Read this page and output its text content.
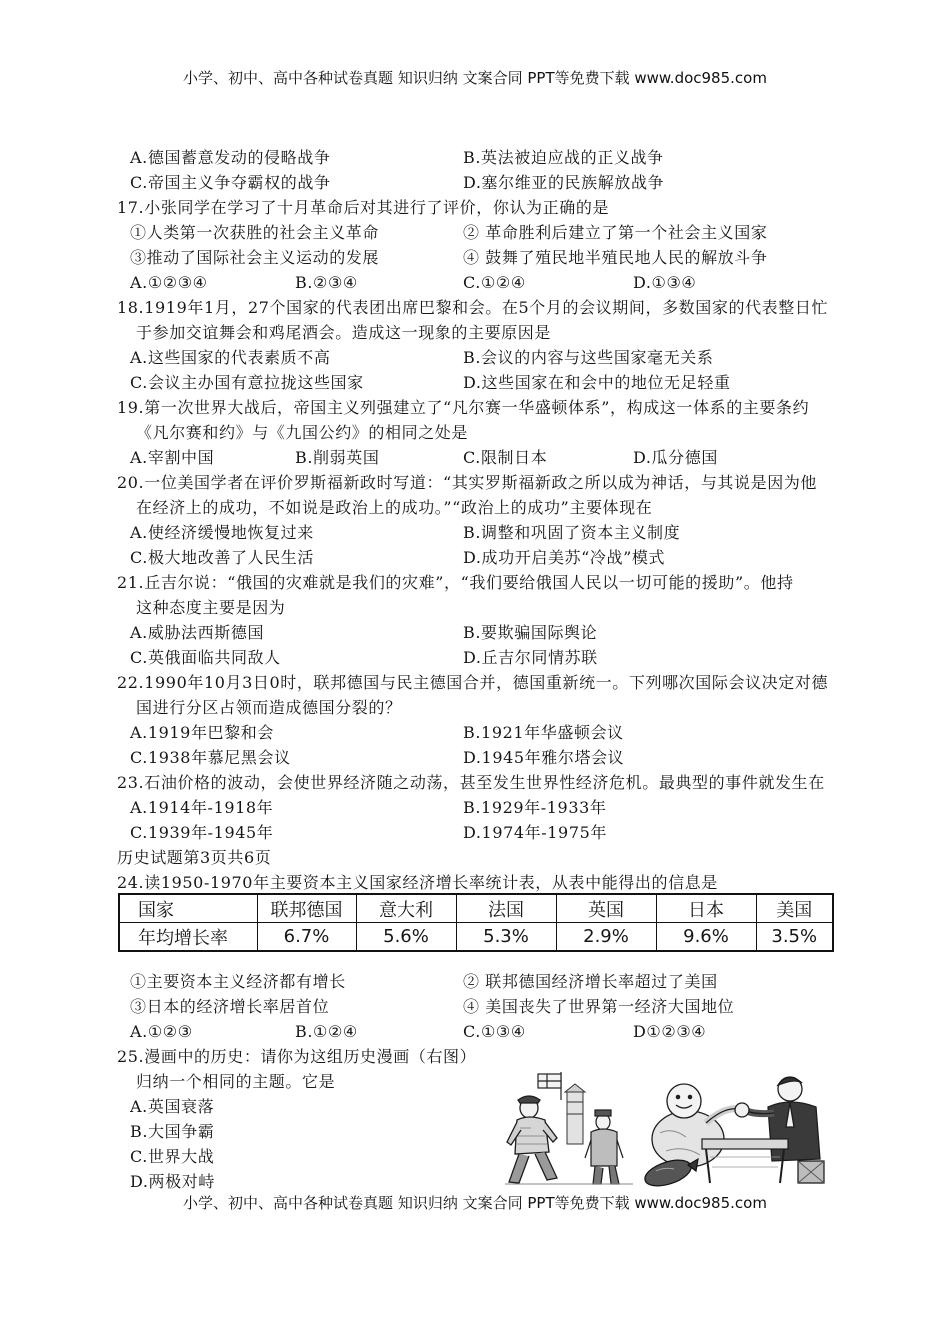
小学、初中、高中各种试卷真题 知识归纳 文案合同 PPT等免费下载 www.doc985.com
A.德国蓄意发动的侵略战争	B.英法被迫应战的正义战争
C.帝国主义争夺霸权的战争	D.塞尔维亚的民族解放战争
17.小张同学在学习了十月革命后对其进行了评价，你认为正确的是
①人类第一次获胜的社会主义革命	② 革命胜利后建立了第一个社会主义国家
③推动了国际社会主义运动的发展	④ 鼓舞了殖民地半殖民地人民的解放斗争
A.①②③④	B.②③④	C.①②④	D.①③④
18.1919年1月，27个国家的代表团出席巴黎和会。在5个月的会议期间，多数国家的代表整日忙
于参加交谊舞会和鸡尾酒会。造成这一现象的主要原因是
A.这些国家的代表素质不高	B.会议的内容与这些国家毫无关系
C.会议主办国有意拉拢这些国家	D.这些国家在和会中的地位无足轻重
19.第一次世界大战后，帝国主义列强建立了“凡尔赛一华盛顿体系”，构成这一体系的主要条约
《凡尔赛和约》与《九国公约》的相同之处是
A.宰割中国	B.削弱英国	C.限制日本	D.瓜分德国
20.一位美国学者在评价罗斯福新政时写道：“其实罗斯福新政之所以成为神话，与其说是因为他
在经济上的成功，不如说是政治上的成功。”“政治上的成功”主要体现在
A.使经济缓慢地恢复过来	B.调整和巩固了资本主义制度
C.极大地改善了人民生活	D.成功开启美苏“冷战”模式
21.丘吉尔说：“俄国的灾难就是我们的灾难”，“我们要给俄国人民以一切可能的援助”。他持
这种态度主要是因为
A.威胁法西斯德国	B.要欺骗国际舆论
C.英俄面临共同敌人	D.丘吉尔同情苏联
22.1990年10月3日0时，联邦德国与民主德国合并，德国重新统一。下列哪次国际会议决定对德
国进行分区占领而造成德国分裂的？
A.1919年巴黎和会	B.1921年华盛顿会议
C.1938年慕尼黑会议	D.1945年雅尔塔会议
23.石油价格的波动，会使世界经济随之动荡，甚至发生世界性经济危机。最典型的事件就发生在
A.1914年-1918年	B.1929年-1933年
C.1939年-1945年	D.1974年-1975年
历史试题第3页共6页
24.读1950-1970年主要资本主义国家经济增长率统计表，从表中能得出的信息是
国家	联邦德国	意大利	法国	英国	日本	美国
年均增长率	6.7%	5.6%	5.3%	2.9%	9.6%	3.5%
①主要资本主义经济都有增长	② 联邦德国经济增长率超过了美国
③日本的经济增长率居首位	④ 美国丧失了世界第一经济大国地位
A.①②③	B.①②④	C.①③④	D①②③④
25.漫画中的历史：请你为这组历史漫画（右图）
归纳一个相同的主题。它是
A.英国衰落
B.大国争霸
C.世界大战
D.两极对峙
小学、初中、高中各种试卷真题 知识归纳 文案合同 PPT等免费下载 www.doc985.com
